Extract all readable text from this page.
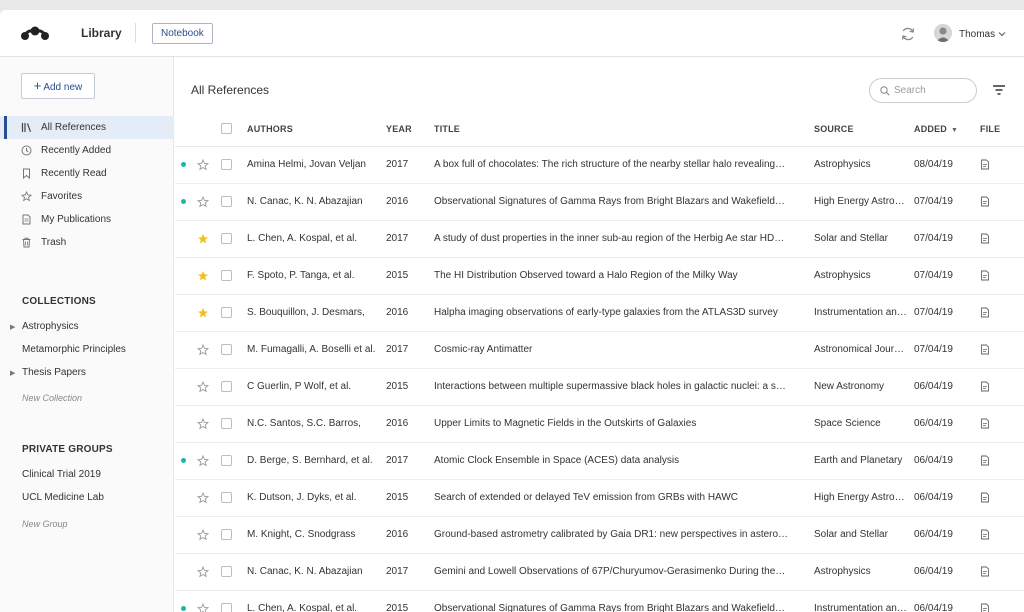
Library	Notebook	Thomas
+ Add new
All References
Recently Added
Recently Read
Favorites
My Publications
Trash
COLLECTIONS
▶ Astrophysics
Metamorphic Principles
▶ Thesis Papers
New Collection
PRIVATE GROUPS
Clinical Trial 2019
UCL Medicine Lab
New Group
All References
Search

	AUTHORS	YEAR	TITLE	SOURCE	ADDED ▼	FILE

	Amina Helmi, Jovan Veljan	2017	A box full of chocolates: The rich structure of the nearby stellar halo revealing…	Astrophysics	08/04/19	

	N. Canac, K. N. Abazajian	2016	Observational Signatures of Gamma Rays from Bright Blazars and Wakefield…	High Energy Astro…	07/04/19	

	L. Chen, A. Kospal, et al.	2017	A study of dust properties in the inner sub-au region of the Herbig Ae star HD…	Solar and Stellar	07/04/19	

	F. Spoto, P. Tanga, et al.	2015	The HI Distribution Observed toward a Halo Region of the Milky Way	Astrophysics	07/04/19	

	S. Bouquillon, J. Desmars,	2016	Halpha imaging observations of early-type galaxies from the ATLAS3D survey	Instrumentation an…	07/04/19	

	M. Fumagalli, A. Boselli et al.	2017	Cosmic-ray Antimatter	Astronomical Jour…	07/04/19	

	C Guerlin, P Wolf, et al.	2015	Interactions between multiple supermassive black holes in galactic nuclei: a s…	New Astronomy	06/04/19	

	N.C. Santos, S.C. Barros,	2016	Upper Limits to Magnetic Fields in the Outskirts of Galaxies	Space Science	06/04/19	

	D. Berge, S. Bernhard, et al.	2017	Atomic Clock Ensemble in Space (ACES) data analysis	Earth and Planetary	06/04/19	

	K. Dutson, J. Dyks, et al.	2015	Search of extended or delayed TeV emission from GRBs with HAWC	High Energy Astro…	06/04/19	

	M. Knight, C. Snodgrass	2016	Ground-based astrometry calibrated by Gaia DR1: new perspectives in astero…	Solar and Stellar	06/04/19	

	N. Canac, K. N. Abazajian	2017	Gemini and Lowell Observations of 67P/Churyumov-Gerasimenko During the…	Astrophysics	06/04/19	

	L. Chen, A. Kospal, et al.	2015	Observational Signatures of Gamma Rays from Bright Blazars and Wakefield…	Instrumentation an…	06/04/19	
